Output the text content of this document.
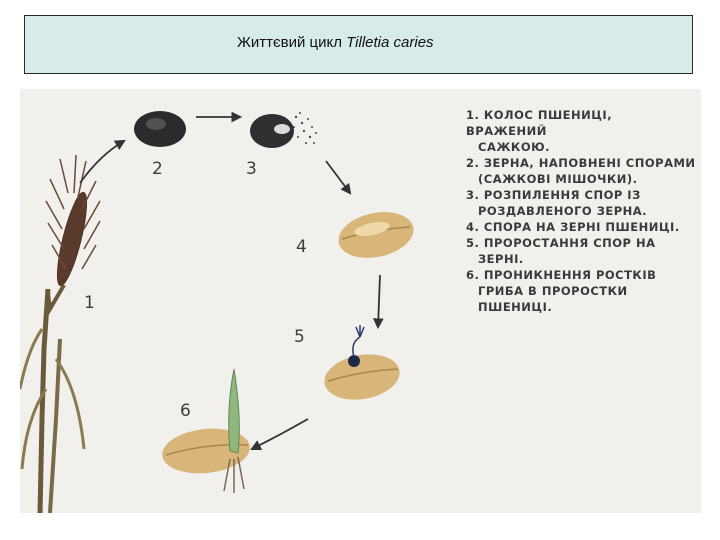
Життєвий цикл Tilletia caries
1
2	3
4
5
6
1. КОЛОС ПШЕНИЦІ, ВРАЖЕНИЙ
САЖКОЮ.
2. ЗЕРНА, НАПОВНЕНІ СПОРАМИ
(САЖКОВІ МІШОЧКИ).
3. РОЗПИЛЕННЯ СПОР ІЗ
РОЗДАВЛЕНОГО ЗЕРНА.
4. СПОРА НА ЗЕРНІ ПШЕНИЦІ.
5. ПРОРОСТАННЯ СПОР НА
ЗЕРНІ.
6. ПРОНИКНЕННЯ РОСТКІВ
ГРИБА В ПРОРОСТКИ
ПШЕНИЦІ.
